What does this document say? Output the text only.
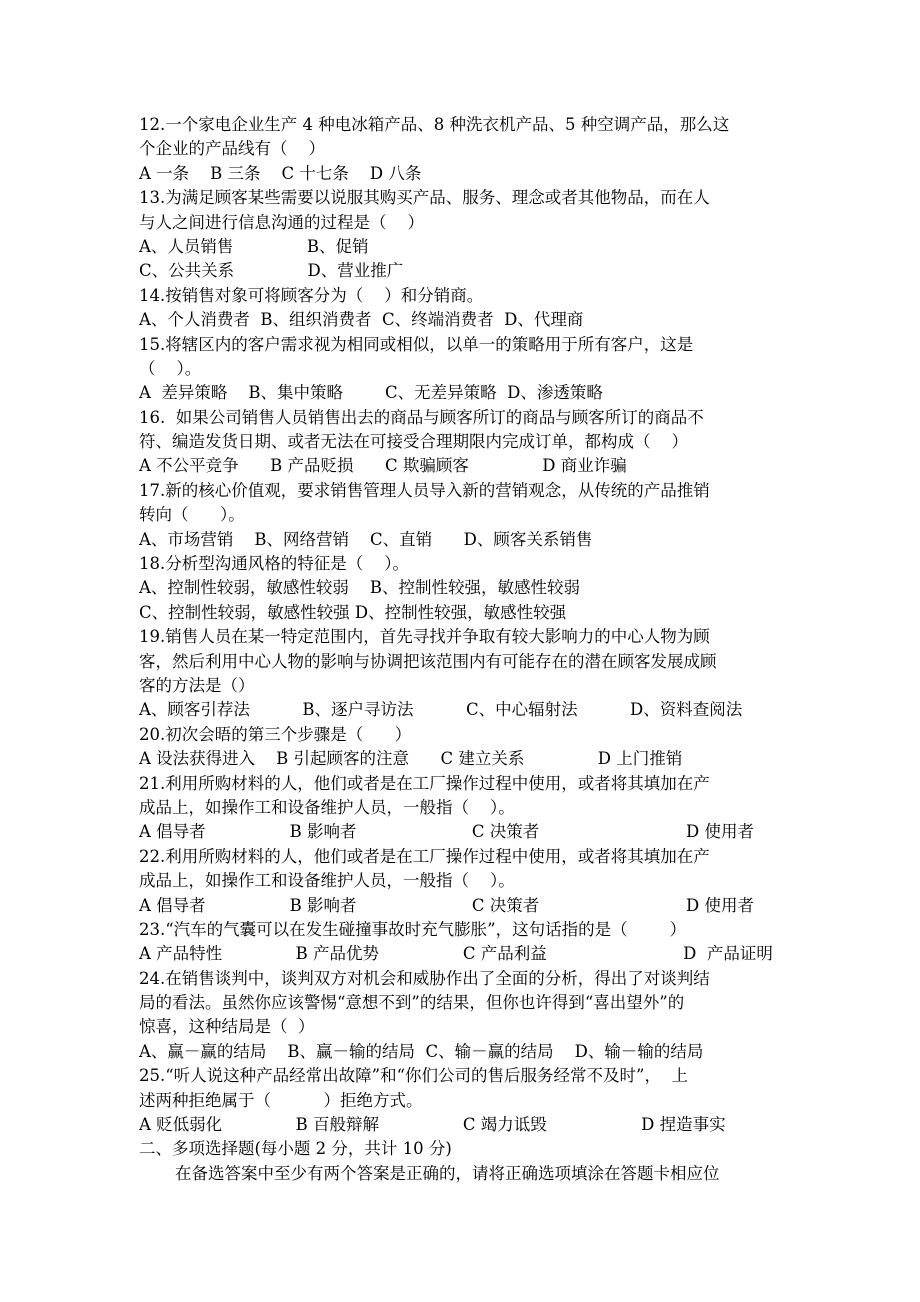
12.一个家电企业生产 4 种电冰箱产品、8 种洗衣机产品、5 种空调产品，那么这
个企业的产品线有（    ）
A 一条    B 三条    C 十七条    D 八条
13.为满足顾客某些需要以说服其购买产品、服务、理念或者其他物品，而在人
与人之间进行信息沟通的过程是（    ）
A、人员销售              B、促销
C、公共关系              D、营业推广
14.按销售对象可将顾客分为（    ）和分销商。
A、个人消费者  B、组织消费者  C、终端消费者  D、代理商
15.将辖区内的客户需求视为相同或相似，以单一的策略用于所有客户，这是
（    ）。
A  差异策略    B、集中策略        C、无差异策略  D、渗透策略
16.  如果公司销售人员销售出去的商品与顾客所订的商品与顾客所订的商品不
符、编造发货日期、或者无法在可接受合理期限内完成订单，都构成（    ）
A 不公平竞争      B 产品贬损      C 欺骗顾客              D 商业诈骗
17.新的核心价值观，要求销售管理人员导入新的营销观念，从传统的产品推销
转向（      ）。
A、市场营销    B、网络营销    C、直销      D、顾客关系销售
18.分析型沟通风格的特征是（    ）。
A、控制性较弱，敏感性较弱    B、控制性较强，敏感性较弱
C、控制性较弱，敏感性较强 D、控制性较强，敏感性较强
19.销售人员在某一特定范围内，首先寻找并争取有较大影响力的中心人物为顾
客，然后利用中心人物的影响与协调把该范围内有可能存在的潜在顾客发展成顾
客的方法是（）
A、顾客引荐法          B、逐户寻访法          C、中心辐射法          D、资料查阅法
20.初次会晤的第三个步骤是（      ）
A 设法获得进入    B 引起顾客的注意      C 建立关系              D 上门推销
21.利用所购材料的人，他们或者是在工厂操作过程中使用，或者将其填加在产
成品上，如操作工和设备维护人员，一般指（    ）。
A 倡导者                B 影响者                      C 决策者                            D 使用者
22.利用所购材料的人，他们或者是在工厂操作过程中使用，或者将其填加在产
成品上，如操作工和设备维护人员，一般指（    ）。
A 倡导者                B 影响者                      C 决策者                            D 使用者
23.“汽车的气囊可以在发生碰撞事故时充气膨胀”，这句话指的是（        ）
A 产品特性              B 产品优势                C 产品利益                          D  产品证明
24.在销售谈判中，谈判双方对机会和威胁作出了全面的分析，得出了对谈判结
局的看法。虽然你应该警惕“意想不到”的结果，但你也许得到“喜出望外”的
惊喜，这种结局是（  ）
A、赢－赢的结局    B、赢－输的结局  C、输－赢的结局    D、输－输的结局
25.“听人说这种产品经常出故障”和“你们公司的售后服务经常不及时”，  上
述两种拒绝属于（          ）拒绝方式。
A 贬低弱化              B 百般辩解                C 竭力诋毁                  D 捏造事实
二、多项选择题(每小题 2 分，共计 10 分)
在备选答案中至少有两个答案是正确的，请将正确选项填涂在答题卡相应位
